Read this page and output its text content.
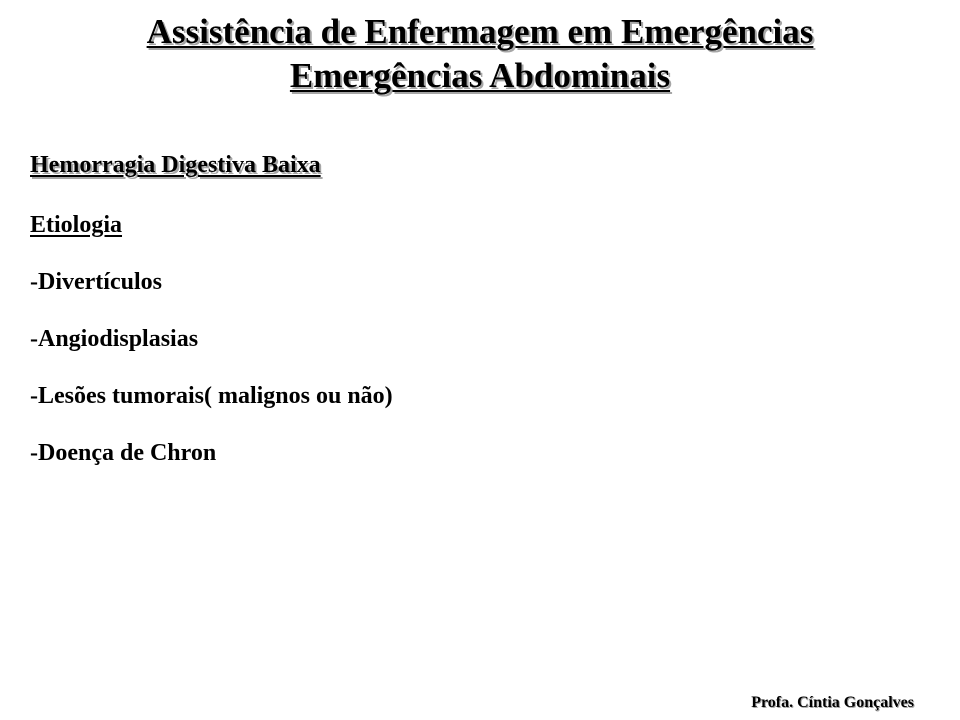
Assistência de Enfermagem em Emergências
Emergências Abdominais
Hemorragia Digestiva Baixa
Etiologia
-Divertículos
-Angiodisplasias
-Lesões tumorais( malignos ou não)
-Doença de Chron
Profa. Cíntia Gonçalves
